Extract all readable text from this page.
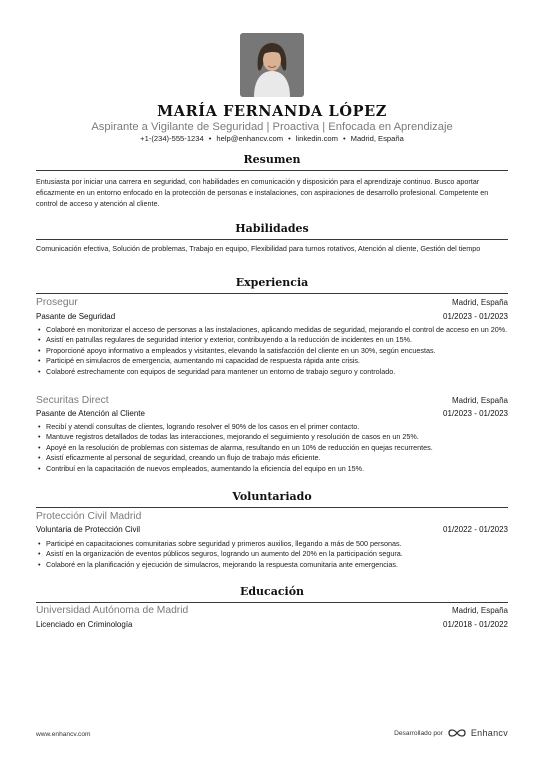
MARÍA FERNANDA LÓPEZ
Aspirante a Vigilante de Seguridad | Proactiva | Enfocada en Aprendizaje
+1-(234)-555-1234 • help@enhancv.com • linkedin.com • Madrid, España
Resumen
Entusiasta por iniciar una carrera en seguridad, con habilidades en comunicación y disposición para el aprendizaje continuo. Busco aportar eficazmente en un entorno enfocado en la protección de personas e instalaciones, con aspiraciones de desarrollo profesional. Competente en control de acceso y atención al cliente.
Habilidades
Comunicación efectiva, Solución de problemas, Trabajo en equipo, Flexibilidad para turnos rotativos, Atención al cliente, Gestión del tiempo
Experiencia
Prosegur	Madrid, España
Pasante de Seguridad	01/2023 - 01/2023
• Colaboré en monitorizar el acceso de personas a las instalaciones, aplicando medidas de seguridad, mejorando el control de acceso en un 20%.
• Asistí en patrullas regulares de seguridad interior y exterior, contribuyendo a la reducción de incidentes en un 15%.
• Proporcioné apoyo informativo a empleados y visitantes, elevando la satisfacción del cliente en un 30%, según encuestas.
• Participé en simulacros de emergencia, aumentando mi capacidad de respuesta rápida ante crisis.
• Colaboré estrechamente con equipos de seguridad para mantener un entorno de trabajo seguro y controlado.
Securitas Direct	Madrid, España
Pasante de Atención al Cliente	01/2023 - 01/2023
• Recibí y atendí consultas de clientes, logrando resolver el 90% de los casos en el primer contacto.
• Mantuve registros detallados de todas las interacciones, mejorando el seguimiento y resolución de casos en un 25%.
• Apoyé en la resolución de problemas con sistemas de alarma, resultando en un 10% de reducción en quejas recurrentes.
• Asistí eficazmente al personal de seguridad, creando un flujo de trabajo más eficiente.
• Contribuí en la capacitación de nuevos empleados, aumentando la eficiencia del equipo en un 15%.
Voluntariado
Protección Civil Madrid
Voluntaria de Protección Civil	01/2022 - 01/2023
• Participé en capacitaciones comunitarias sobre seguridad y primeros auxilios, llegando a más de 500 personas.
• Asistí en la organización de eventos públicos seguros, logrando un aumento del 20% en la participación segura.
• Colaboré en la planificación y ejecución de simulacros, mejorando la respuesta comunitaria ante emergencias.
Educación
Universidad Autónoma de Madrid	Madrid, España
Licenciado en Criminología	01/2018 - 01/2022
www.enhancv.com	Desarrollado por	Enhancv
